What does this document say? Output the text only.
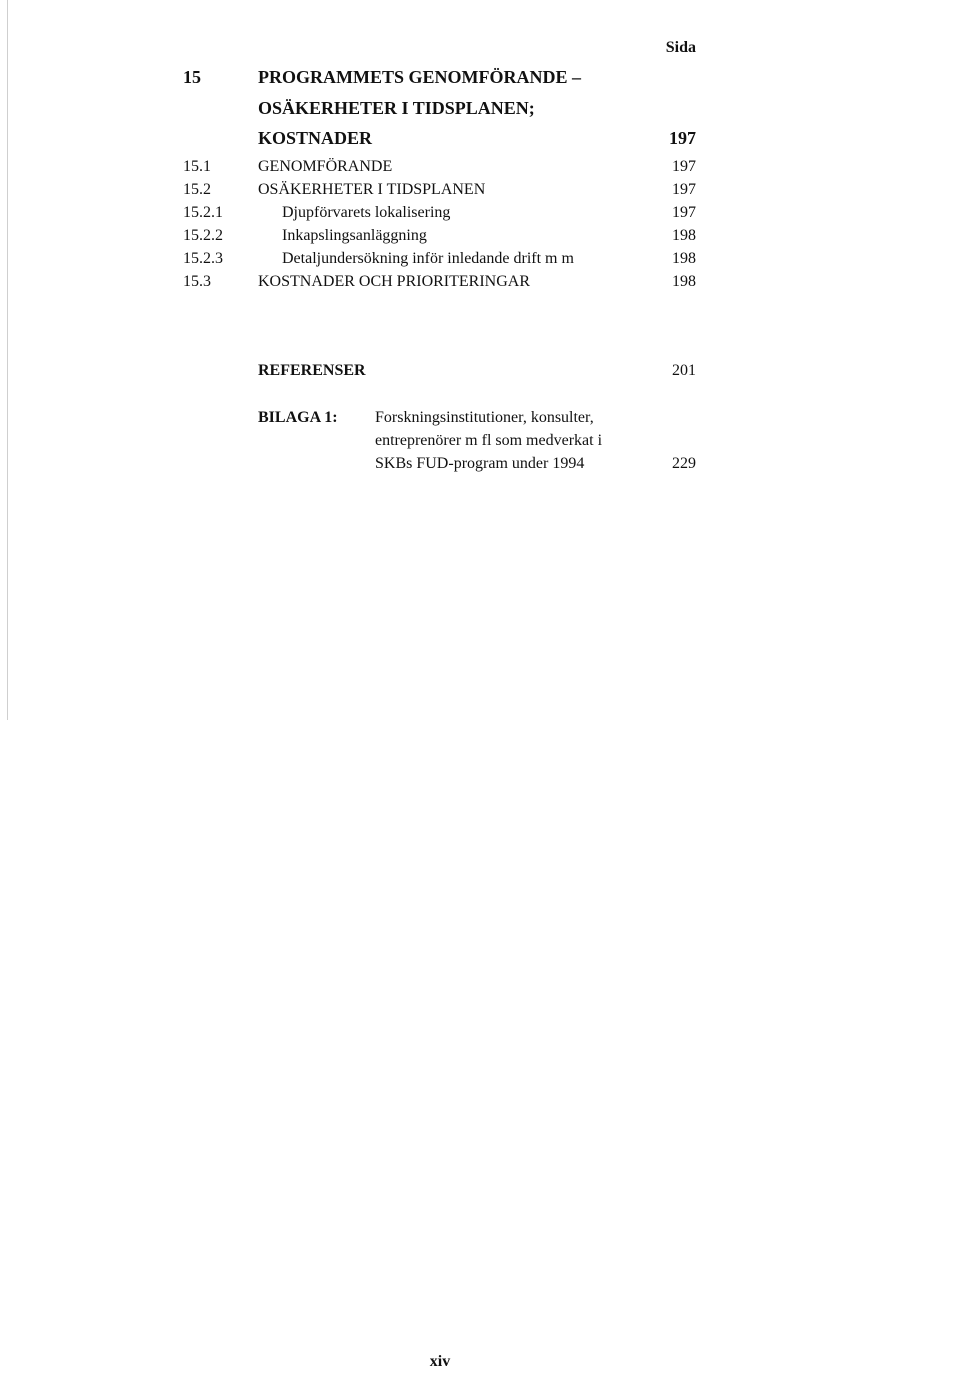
Sida
15	PROGRAMMETS GENOMFÖRANDE –
OSÄKERHETER I TIDSPLANEN;
KOSTNADER	197
15.1	GENOMFÖRANDE	197
15.2	OSÄKERHETER I TIDSPLANEN	197
15.2.1	Djupförvarets lokalisering	197
15.2.2	Inkapslingsanläggning	198
15.2.3	Detaljundersökning inför inledande drift m m	198
15.3	KOSTNADER OCH PRIORITERINGAR	198
REFERENSER	201
BILAGA 1: Forskningsinstitutioner, konsulter,
entreprenörer m fl som medverkat i
SKBs FUD-program under 1994	229
xiv
